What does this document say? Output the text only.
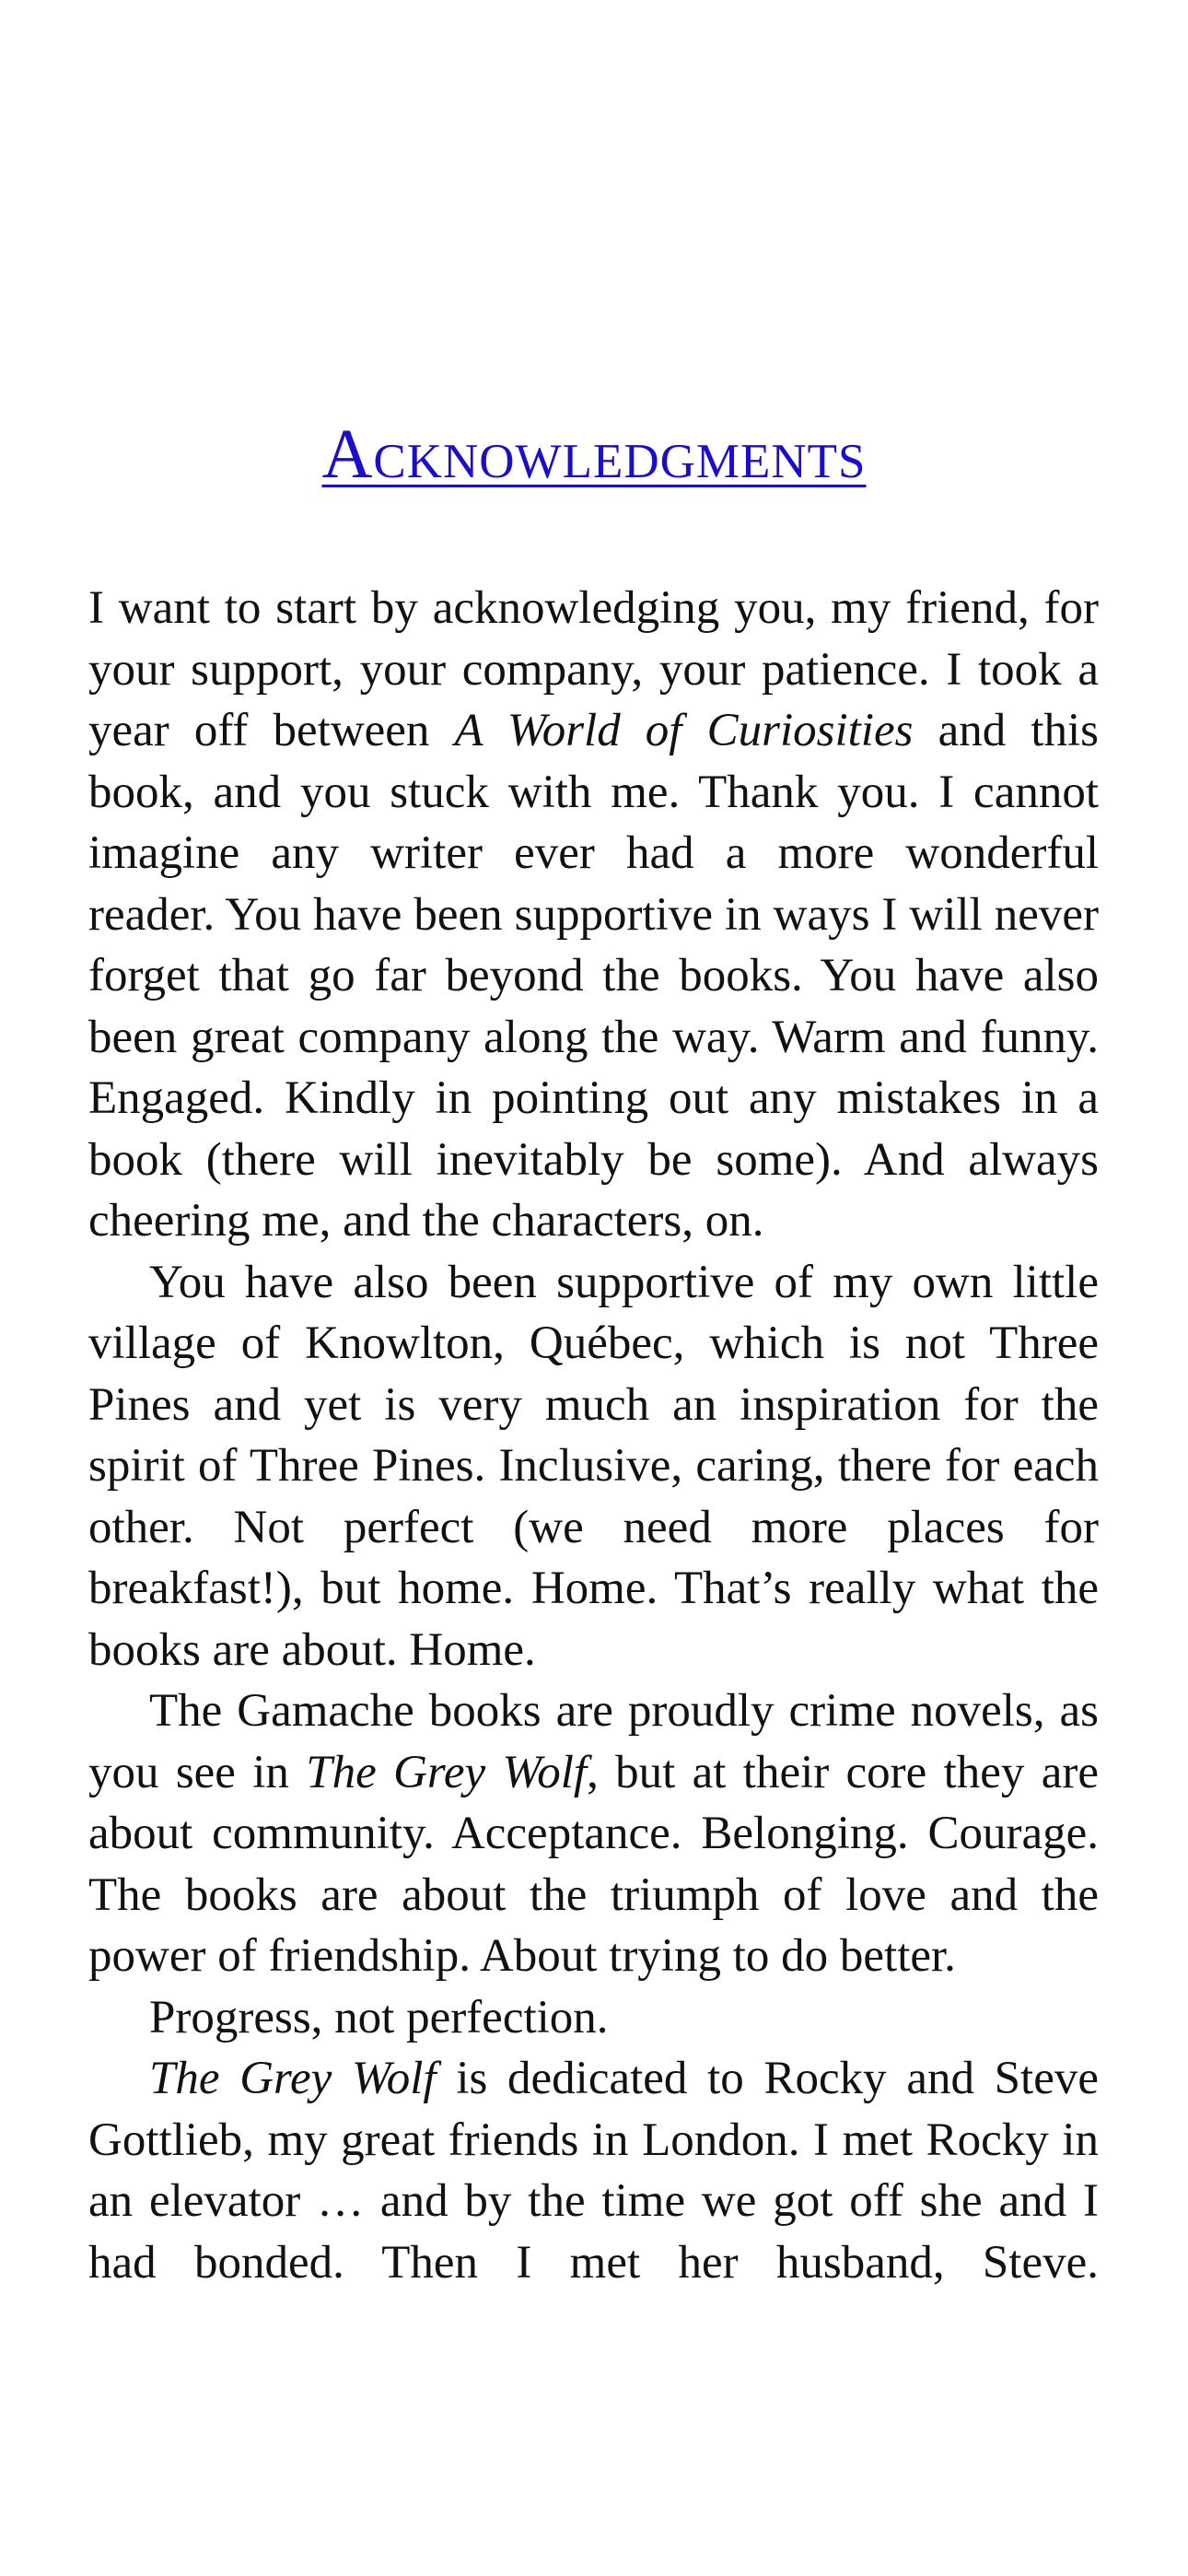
Acknowledgments

I want to start by acknowledging you, my friend, for your support, your company, your patience. I took a year off between A World of Curiosities and this book, and you stuck with me. Thank you. I cannot imagine any writer ever had a more wonderful reader. You have been supportive in ways I will never forget that go far beyond the books. You have also been great company along the way. Warm and funny. Engaged. Kindly in pointing out any mistakes in a book (there will inevitably be some). And always cheering me, and the characters, on.

You have also been supportive of my own little village of Knowlton, Québec, which is not Three Pines and yet is very much an inspiration for the spirit of Three Pines. Inclusive, caring, there for each other. Not perfect (we need more places for breakfast!), but home. Home. That’s really what the books are about. Home.

The Gamache books are proudly crime novels, as you see in The Grey Wolf, but at their core they are about community. Acceptance. Belonging. Courage. The books are about the triumph of love and the power of friendship. About trying to do better.

Progress, not perfection.

The Grey Wolf is dedicated to Rocky and Steve Gottlieb, my great friends in London. I met Rocky in an elevator … and by the time we got off she and I had bonded. Then I met her husband, Steve.
